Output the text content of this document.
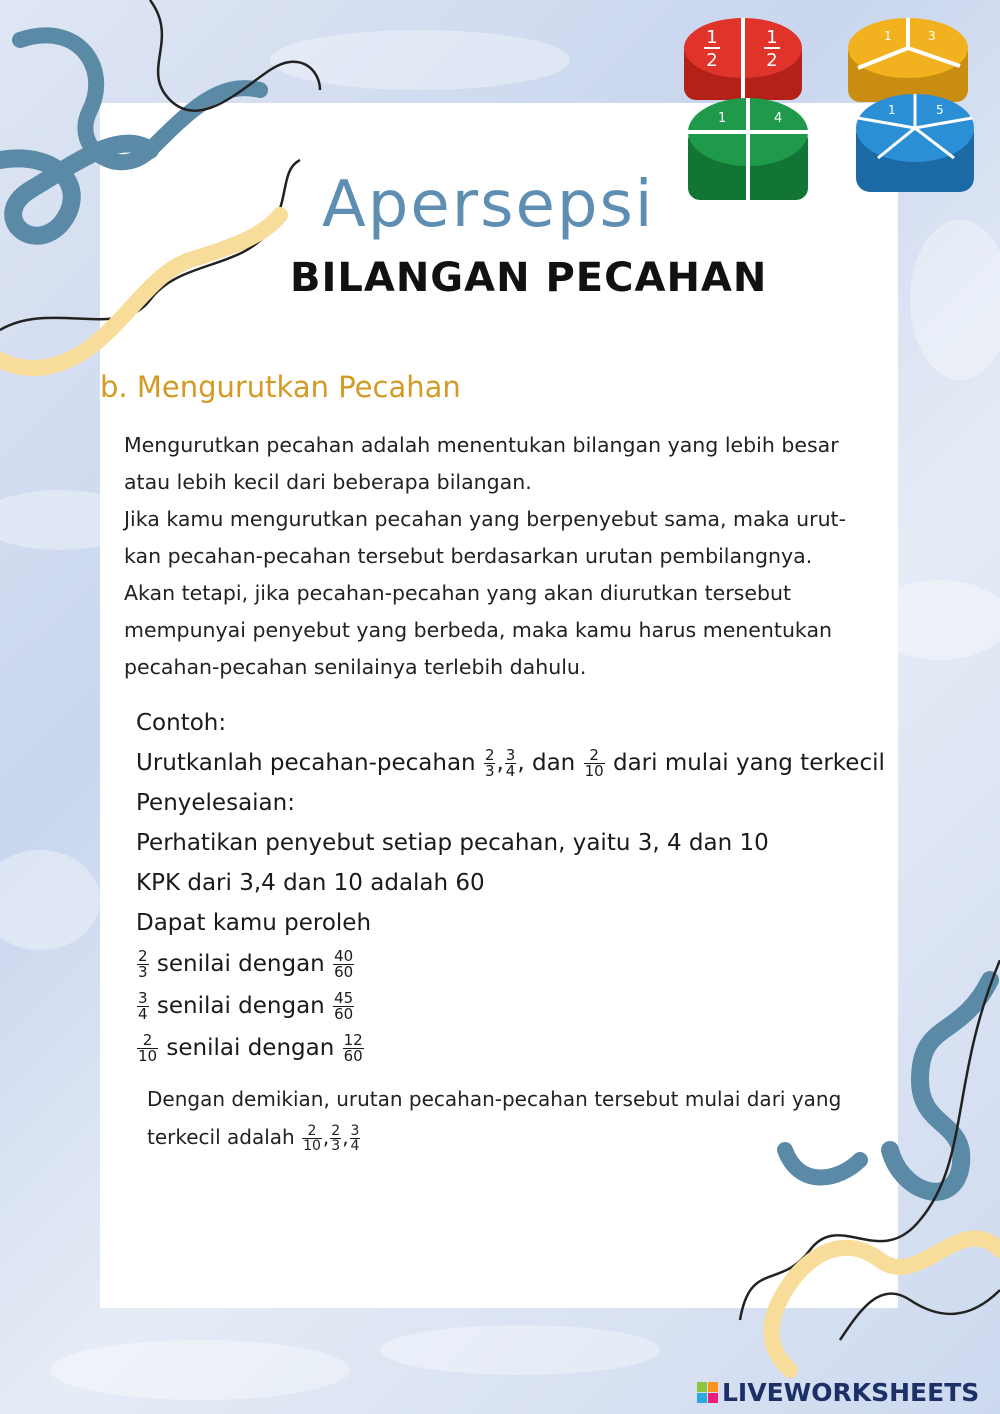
1
2
1
2
1	3
1	4
1	5
Apersepsi
BILANGAN PECAHAN
b. Mengurutkan Pecahan

Mengurutkan pecahan adalah menentukan bilangan yang lebih besar

atau lebih kecil dari beberapa bilangan.

Jika kamu mengurutkan pecahan yang berpenyebut sama, maka urut-

kan pecahan-pecahan tersebut berdasarkan urutan pembilangnya.

Akan tetapi, jika pecahan-pecahan yang akan diurutkan tersebut

mempunyai penyebut yang berbeda, maka kamu harus menentukan

pecahan-pecahan senilainya terlebih dahulu.

Contoh:
Urutkanlah pecahan-pecahan $\frac{2}{3}$ , $\frac{3}{4}$ , dan $\frac{2}{10}$ dari mulai yang terkecil
Penyelesaian:
Perhatikan penyebut setiap pecahan, yaitu 3, 4 dan 10
KPK dari 3,4 dan 10 adalah 60
Dapat kamu peroleh
$\frac{2}{3}$ senilai dengan $\frac{40}{60}$
$\frac{3}{4}$ senilai dengan $\frac{45}{60}$
$\frac{2}{10}$ senilai dengan $\frac{12}{60}$
Dengan demikian, urutan pecahan-pecahan tersebut mulai dari yang
terkecil adalah $\frac{2}{10}$ , $\frac{2}{3}$ , $\frac{3}{4}$
LIVEWORKSHEETS
